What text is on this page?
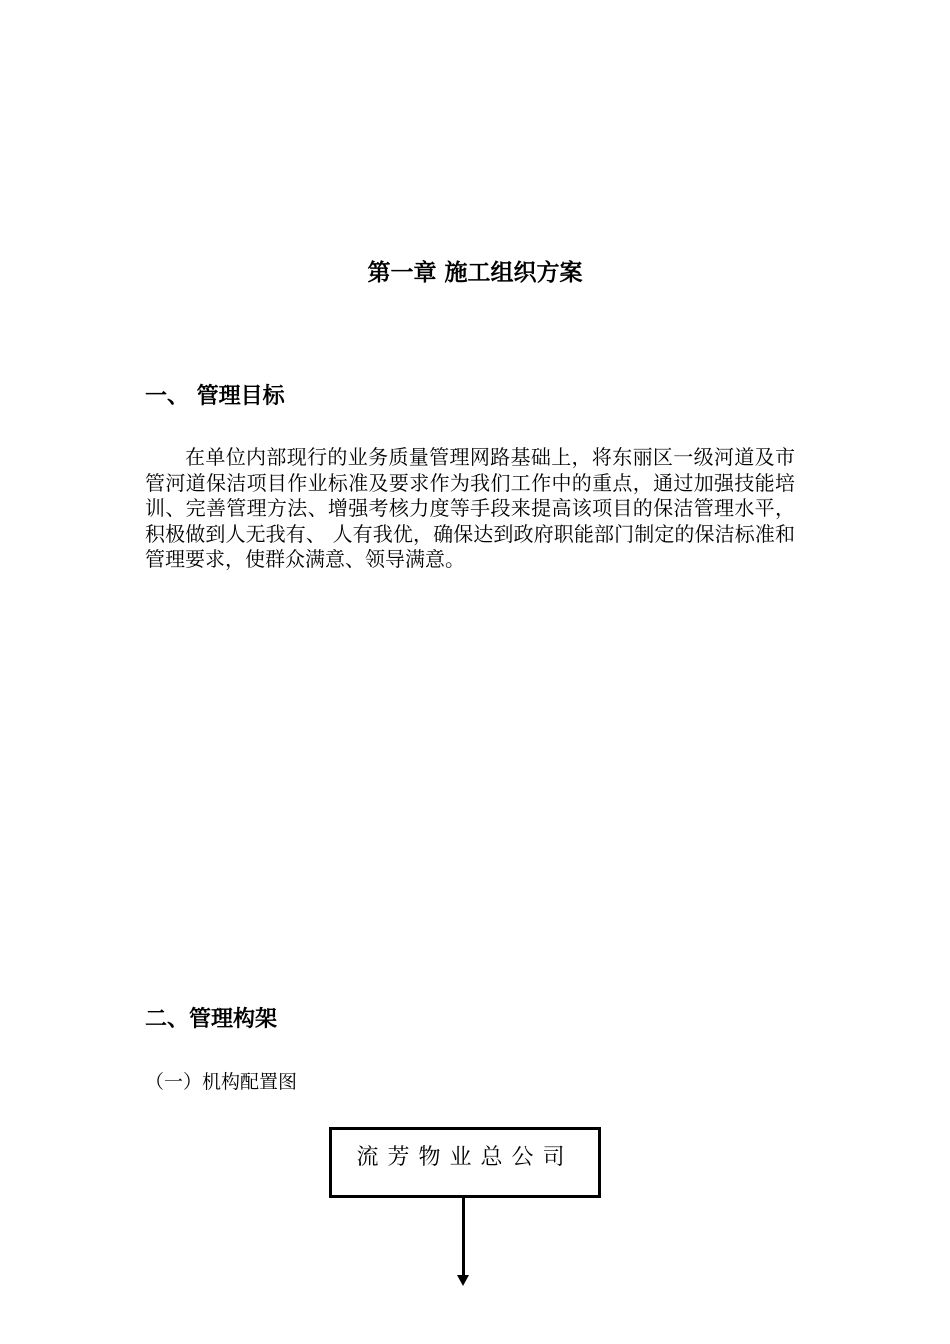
第一章 施工组织方案
一、 管理目标

在单位内部现行的业务质量管理网路基础上，将东丽区一级河道及市管河道保洁项目作业标准及要求作为我们工作中的重点，通过加强技能培训、完善管理方法、增强考核力度等手段来提高该项目的保洁管理水平，积极做到人无我有、 人有我优，确保达到政府职能部门制定的保洁标准和管理要求，使群众满意、领导满意。

二、管理构架

（一）机构配置图

流芳物业总公司
